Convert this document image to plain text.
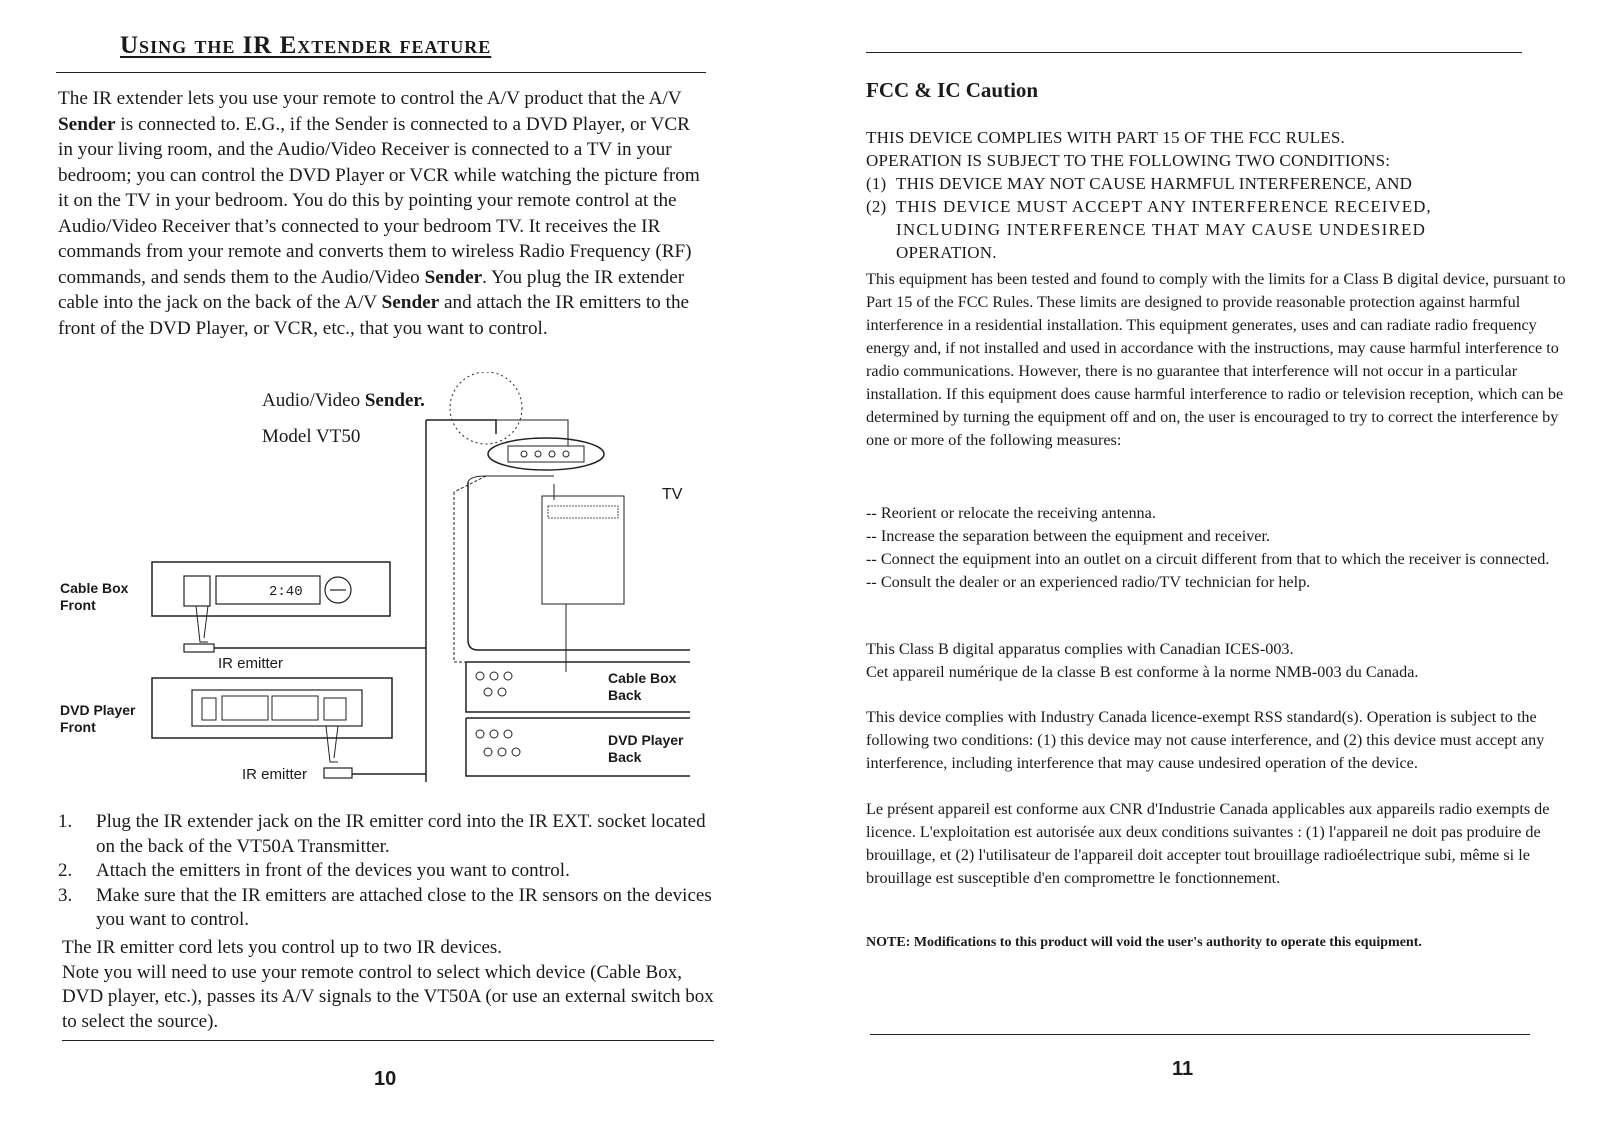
Using the IR Extender feature

The IR extender lets you use your remote to control the A/V product that the A/V Sender is connected to. E.G., if the Sender is connected to a DVD Player, or VCR in your living room, and the Audio/Video Receiver is connected to a TV in your bedroom; you can control the DVD Player or VCR while watching the picture from it on the TV in your bedroom. You do this by pointing your remote control at the Audio/Video Receiver that’s connected to your bedroom TV. It receives the IR commands from your remote and converts them to wireless Radio Frequency (RF) commands, and sends them to the Audio/Video Sender. You plug the IR extender cable into the jack on the back of the A/V Sender and attach the IR emitters to the front of the DVD Player, or VCR, etc., that you want to control.

2:40
Audio/Video Sender.
Model VT50
TV
Cable Box
Front
IR emitter
DVD Player
Front
IR emitter
Cable Box
Back
DVD Player
Back
1.	Plug the IR extender jack on the IR emitter cord into the IR EXT. socket located on the back of the VT50A Transmitter.
2.	Attach the emitters in front of the devices you want to control.
3.	Make sure that the IR emitters are attached close to the IR sensors on the devices you want to control.
The IR emitter cord lets you control up to two IR devices.
Note you will need to use your remote control to select which device (Cable Box, DVD player, etc.), passes its A/V signals to the VT50A (or use an external switch box to select the source).
10
FCC & IC Caution
THIS DEVICE COMPLIES WITH PART 15 OF THE FCC RULES.
OPERATION IS SUBJECT TO THE FOLLOWING TWO CONDITIONS:
(1) THIS DEVICE MAY NOT CAUSE HARMFUL INTERFERENCE, AND
(2) THIS DEVICE MUST ACCEPT ANY INTERFERENCE RECEIVED,
INCLUDING INTERFERENCE THAT MAY CAUSE UNDESIRED
OPERATION.

This equipment has been tested and found to comply with the limits for a Class B digital device, pursuant to Part 15 of the FCC Rules. These limits are designed to provide reasonable protection against harmful interference in a residential installation. This equipment generates, uses and can radiate radio frequency energy and, if not installed and used in accordance with the instructions, may cause harmful interference to radio communications. However, there is no guarantee that interference will not occur in a particular installation. If this equipment does cause harmful interference to radio or television reception, which can be determined by turning the equipment off and on, the user is encouraged to try to correct the interference by one or more of the following measures:

-- Reorient or relocate the receiving antenna.
-- Increase the separation between the equipment and receiver.
-- Connect the equipment into an outlet on a circuit different from that to which the receiver is connected.
-- Consult the dealer or an experienced radio/TV technician for help.
This Class B digital apparatus complies with Canadian ICES-003.
Cet appareil numérique de la classe B est conforme à la norme NMB-003 du Canada.

This device complies with Industry Canada licence-exempt RSS standard(s). Operation is subject to the following two conditions: (1) this device may not cause interference, and (2) this device must accept any interference, including interference that may cause undesired operation of the device.

Le présent appareil est conforme aux CNR d'Industrie Canada applicables aux appareils radio exempts de licence. L'exploitation est autorisée aux deux conditions suivantes : (1) l'appareil ne doit pas produire de brouillage, et (2) l'utilisateur de l'appareil doit accepter tout brouillage radioélectrique subi, même si le brouillage est susceptible d'en compromettre le fonctionnement.

NOTE: Modifications to this product will void the user's authority to operate this equipment.

11
